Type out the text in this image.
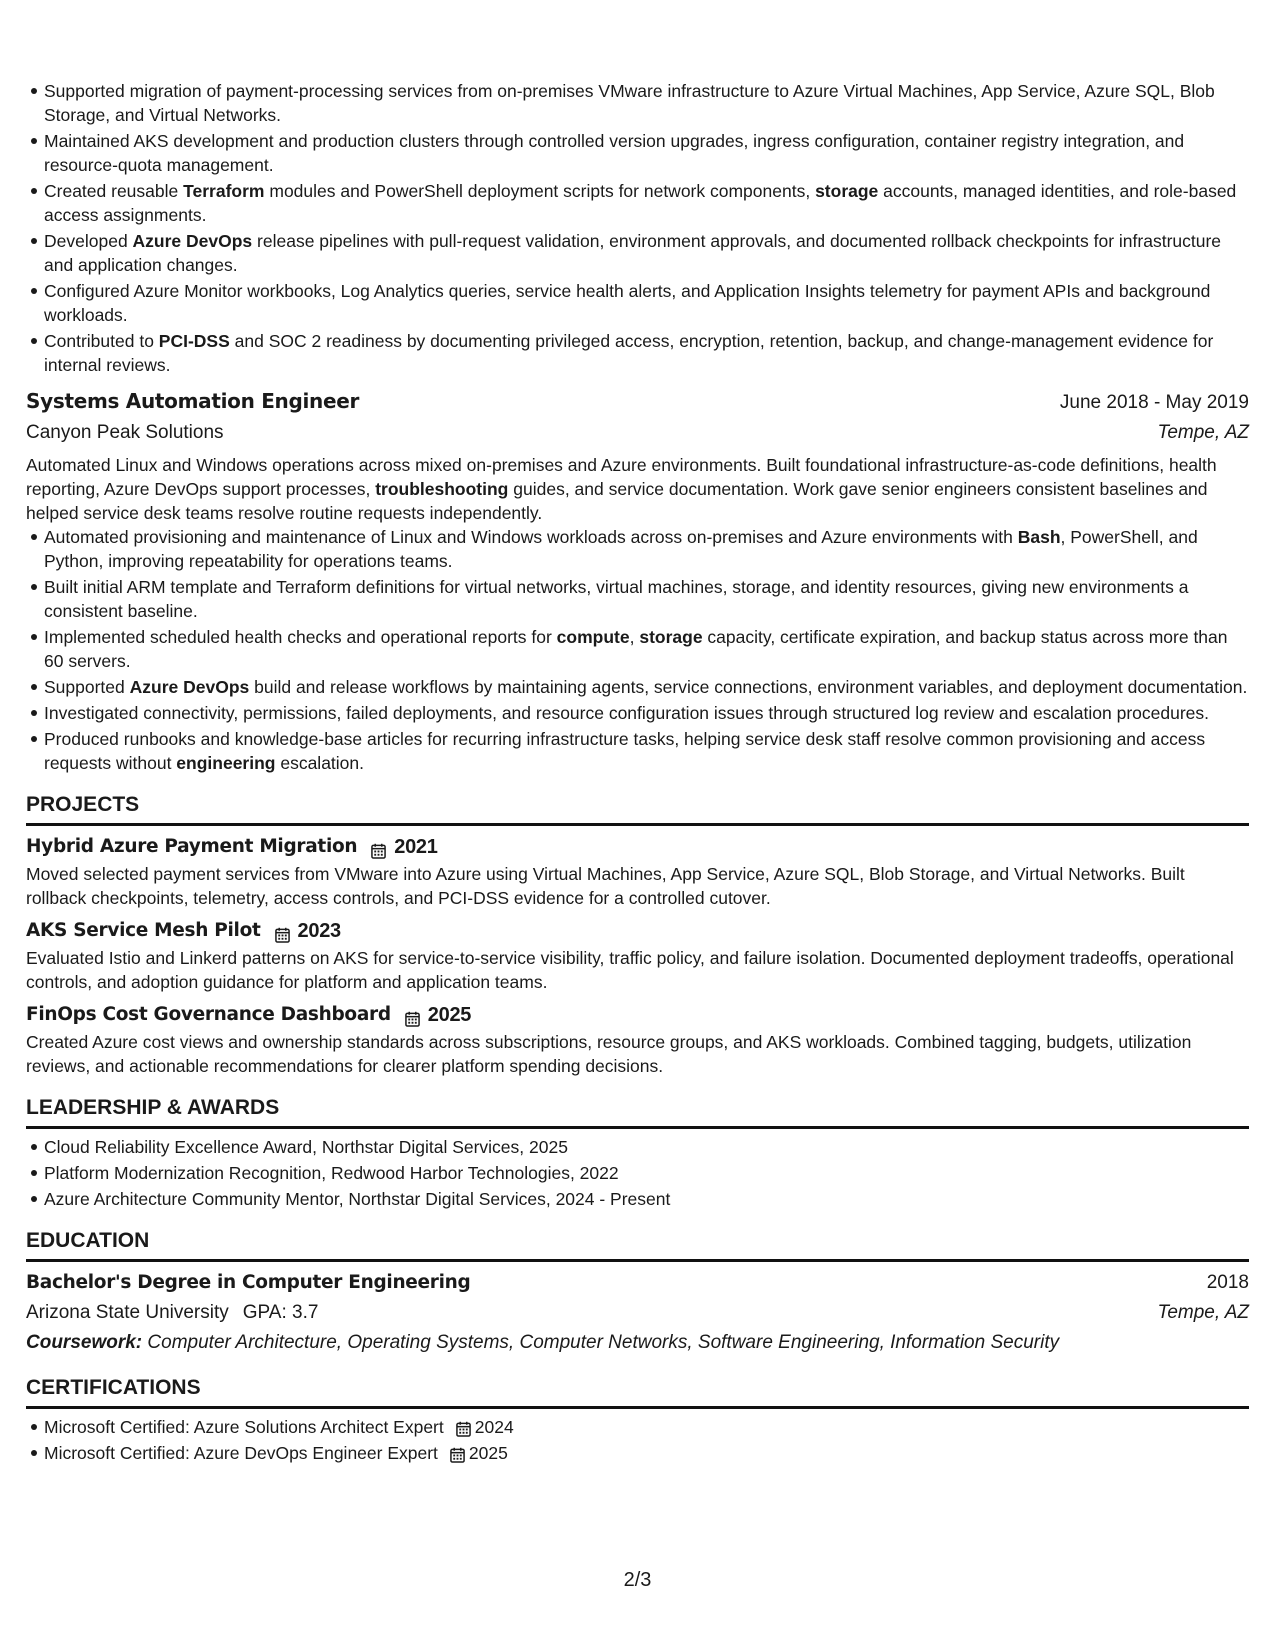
Supported migration of payment-processing services from on-premises VMware infrastructure to Azure Virtual Machines, App Service, Azure SQL, Blob Storage, and Virtual Networks.
Maintained AKS development and production clusters through controlled version upgrades, ingress configuration, container registry integration, and resource-quota management.
Created reusable Terraform modules and PowerShell deployment scripts for network components, storage accounts, managed identities, and role-based access assignments.
Developed Azure DevOps release pipelines with pull-request validation, environment approvals, and documented rollback checkpoints for infrastructure and application changes.
Configured Azure Monitor workbooks, Log Analytics queries, service health alerts, and Application Insights telemetry for payment APIs and background workloads.
Contributed to PCI-DSS and SOC 2 readiness by documenting privileged access, encryption, retention, backup, and change-management evidence for internal reviews.
Systems Automation Engineer	June 2018 - May 2019
Canyon Peak Solutions	Tempe, AZ
Automated Linux and Windows operations across mixed on-premises and Azure environments. Built foundational infrastructure-as-code definitions, health reporting, Azure DevOps support processes, troubleshooting guides, and service documentation. Work gave senior engineers consistent baselines and helped service desk teams resolve routine requests independently.
Automated provisioning and maintenance of Linux and Windows workloads across on-premises and Azure environments with Bash, PowerShell, and Python, improving repeatability for operations teams.
Built initial ARM template and Terraform definitions for virtual networks, virtual machines, storage, and identity resources, giving new environments a consistent baseline.
Implemented scheduled health checks and operational reports for compute, storage capacity, certificate expiration, and backup status across more than 60 servers.
Supported Azure DevOps build and release workflows by maintaining agents, service connections, environment variables, and deployment documentation.
Investigated connectivity, permissions, failed deployments, and resource configuration issues through structured log review and escalation procedures.
Produced runbooks and knowledge-base articles for recurring infrastructure tasks, helping service desk staff resolve common provisioning and access requests without engineering escalation.
PROJECTS
Hybrid Azure Payment Migration 2021
Moved selected payment services from VMware into Azure using Virtual Machines, App Service, Azure SQL, Blob Storage, and Virtual Networks. Built rollback checkpoints, telemetry, access controls, and PCI-DSS evidence for a controlled cutover.
AKS Service Mesh Pilot 2023
Evaluated Istio and Linkerd patterns on AKS for service-to-service visibility, traffic policy, and failure isolation. Documented deployment tradeoffs, operational controls, and adoption guidance for platform and application teams.
FinOps Cost Governance Dashboard 2025
Created Azure cost views and ownership standards across subscriptions, resource groups, and AKS workloads. Combined tagging, budgets, utilization reviews, and actionable recommendations for clearer platform spending decisions.
LEADERSHIP & AWARDS
Cloud Reliability Excellence Award, Northstar Digital Services, 2025
Platform Modernization Recognition, Redwood Harbor Technologies, 2022
Azure Architecture Community Mentor, Northstar Digital Services, 2024 - Present
EDUCATION
Bachelor's Degree in Computer Engineering	2018
Arizona State University GPA: 3.7	Tempe, AZ
Coursework: Computer Architecture, Operating Systems, Computer Networks, Software Engineering, Information Security
CERTIFICATIONS
Microsoft Certified: Azure Solutions Architect Expert 2024
Microsoft Certified: Azure DevOps Engineer Expert 2025
2/3
